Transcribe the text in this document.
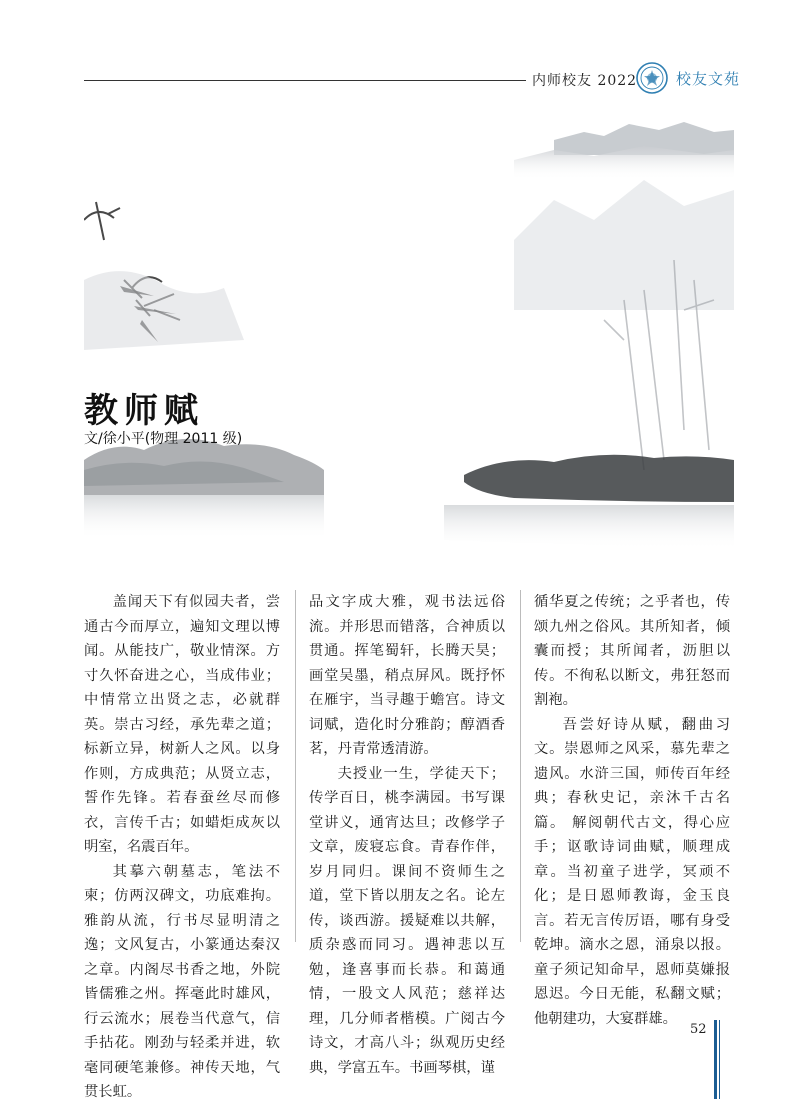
内师校友 2022	校友文苑
教师赋
文/徐小平(物理 2011 级)

盖闻天下有似园夫者，尝通古今而厚立，遍知文理以博闻。从能技广，敬业情深。方寸久怀奋进之心，当成伟业；中情常立出贤之志，必就群英。崇古习经，承先辈之道；标新立异，树新人之风。以身作则，方成典范；从贤立志，誓作先锋。若春蚕丝尽而修衣，言传千古；如蜡炬成灰以明室，名震百年。

其摹六朝墓志，笔法不柬；仿两汉碑文，功底难拘。雅韵从流，行书尽显明清之逸；文风复古，小篆通达秦汉之章。内阁尽书香之地，外院皆儒雅之州。挥毫此时雄风，行云流水；展卷当代意气，信手拈花。刚劲与轻柔并进，软毫同硬笔兼修。神传天地，气贯长虹。

品文字成大雅，观书法远俗流。并形思而错落，合神质以贯通。挥笔蜀轩，长腾天昊；画堂吴墨，稍点屏风。既抒怀在雁宇，当寻趣于蟾宫。诗文词赋，造化时分雅韵；醇酒香茗，丹青常透清游。

夫授业一生，学徒天下；传学百日，桃李满园。书写课堂讲义，通宵达旦；改修学子文章，废寝忘食。青春作伴，岁月同归。课间不资师生之道，堂下皆以朋友之名。论左传，谈西游。援疑难以共解，质杂惑而同习。遇神悲以互勉，逢喜事而长恭。和蔼通情，一股文人风范；慈祥达理，几分师者楷模。广阅古今诗文，才高八斗；纵观历史经典，学富五车。书画琴棋，谨

循华夏之传统；之乎者也，传颂九州之俗风。其所知者，倾囊而授；其所闻者，沥胆以传。不徇私以断文，弗狂怒而割袍。

吾尝好诗从赋，翻曲习文。崇恩师之风采，慕先辈之遗风。水浒三国，师传百年经典；春秋史记，亲沐千古名篇。 解阅朝代古文，得心应手；讴歌诗词曲赋，顺理成章。当初童子进学，冥顽不化；是日恩师教诲，金玉良言。若无言传厉语，哪有身受乾坤。滴水之恩，涌泉以报。童子须记知命早，恩师莫嫌报恩迟。今日无能，私翻文赋；他朝建功，大宴群雄。

52
